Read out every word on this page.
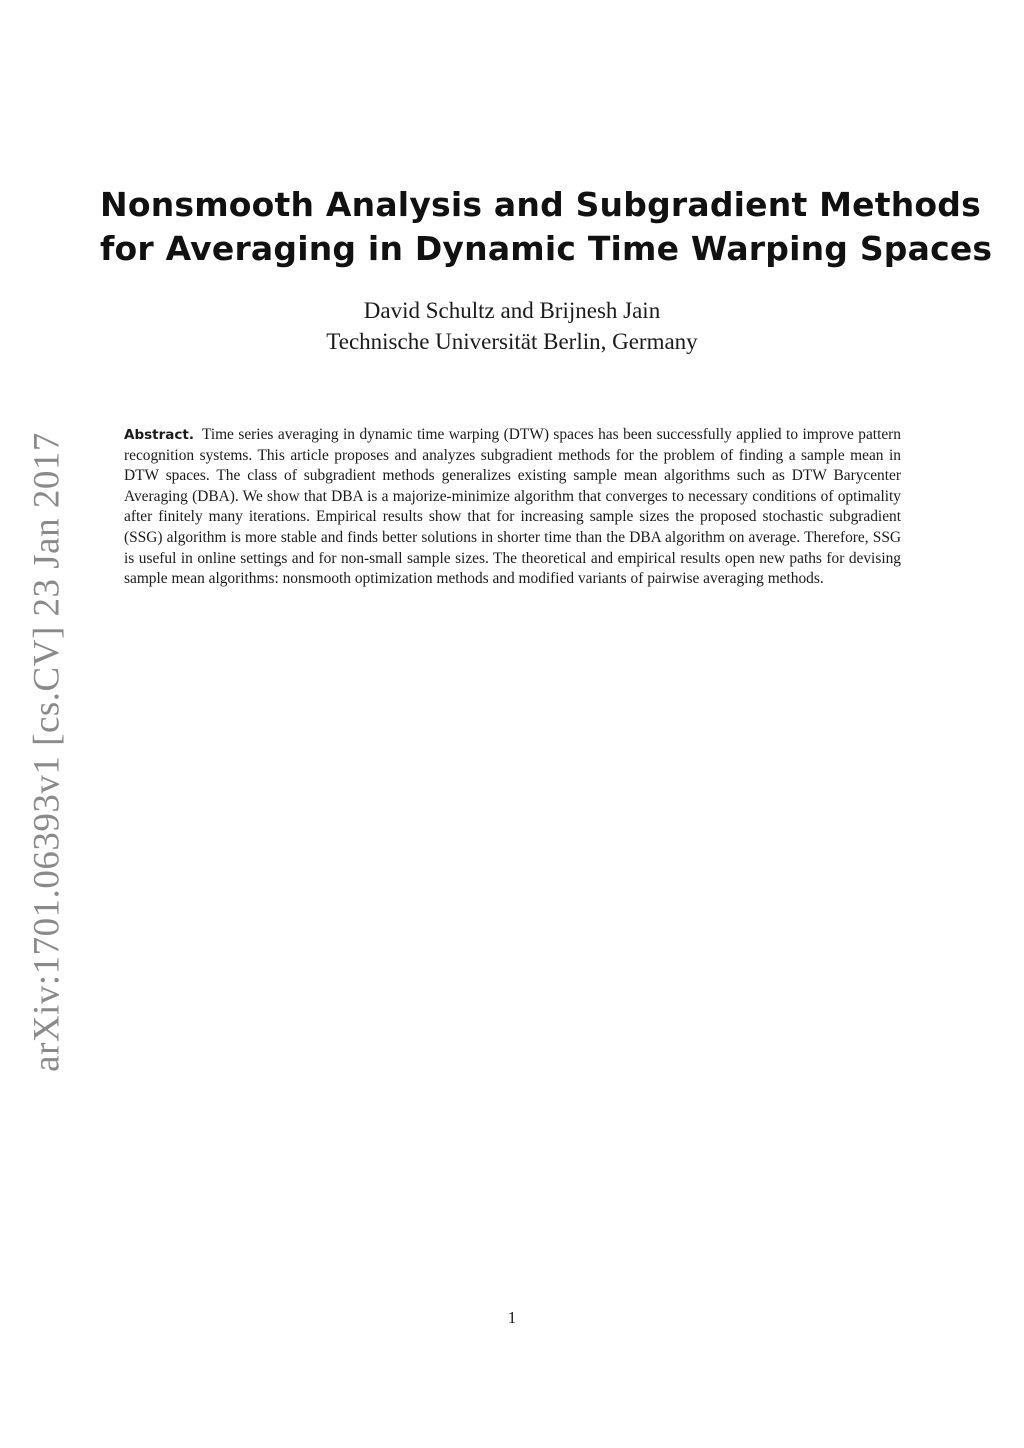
arXiv:1701.06393v1 [cs.CV] 23 Jan 2017
Nonsmooth Analysis and Subgradient Methods
for Averaging in Dynamic Time Warping Spaces
David Schultz and Brijnesh Jain
Technische Universität Berlin, Germany

Abstract. Time series averaging in dynamic time warping (DTW) spaces has been successfully applied to improve pattern recognition systems. This article proposes and analyzes subgradient methods for the problem of finding a sample mean in DTW spaces. The class of subgradient methods generalizes existing sample mean algorithms such as DTW Barycenter Averaging (DBA). We show that DBA is a majorize-minimize algorithm that converges to necessary conditions of optimality after finitely many iterations. Empirical results show that for increasing sample sizes the proposed stochastic subgradient (SSG) algorithm is more stable and finds better solutions in shorter time than the DBA algorithm on average. Therefore, SSG is useful in online settings and for non-small sample sizes. The theoretical and empirical results open new paths for devising sample mean algorithms: nonsmooth optimization methods and modified variants of pairwise averaging methods.

1
